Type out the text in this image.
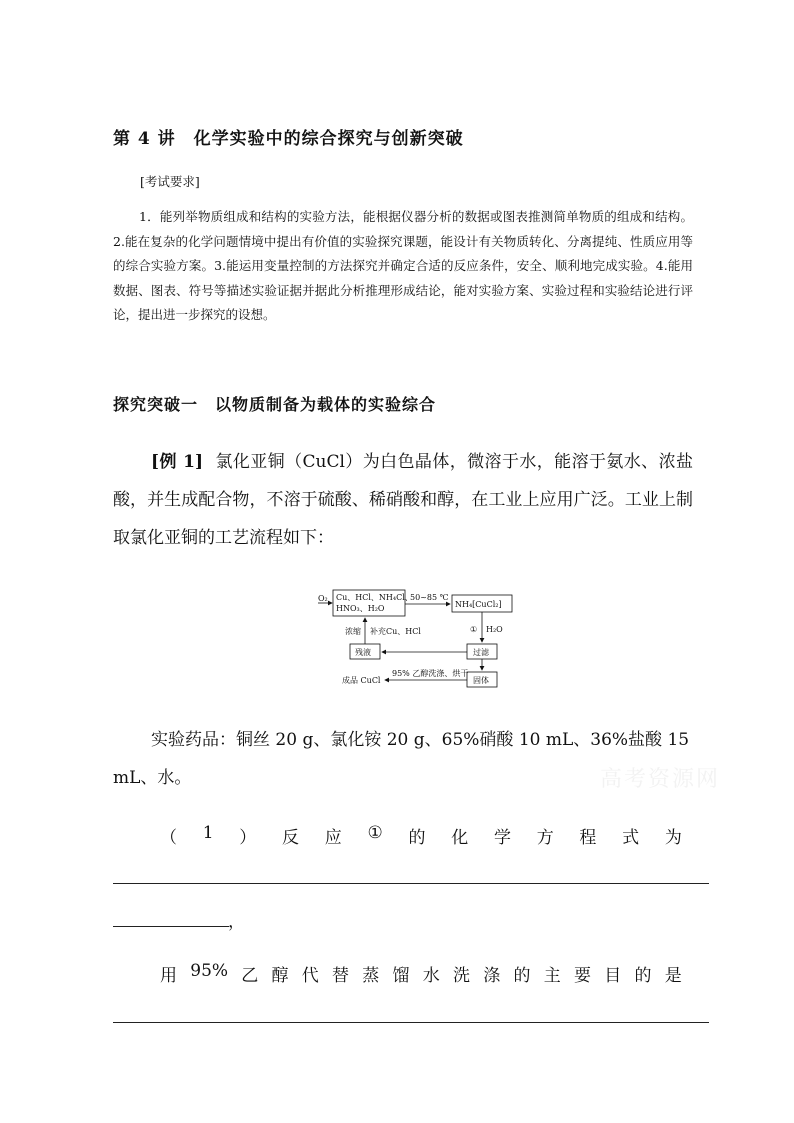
第 4 讲　化学实验中的综合探究与创新突破
[考试要求]
1．能列举物质组成和结构的实验方法，能根据仪器分析的数据或图表推测简单物质的组成和结构。2.能在复杂的化学问题情境中提出有价值的实验探究课题，能设计有关物质转化、分离提纯、性质应用等的综合实验方案。3.能运用变量控制的方法探究并确定合适的反应条件，安全、顺利地完成实验。4.能用数据、图表、符号等描述实验证据并据此分析推理形成结论，能对实验方案、实验过程和实验结论进行评论，提出进一步探究的设想。
探究突破一　以物质制备为载体的实验综合
[例 1] 氯化亚铜（CuCl）为白色晶体，微溶于水，能溶于氨水、浓盐酸，并生成配合物，不溶于硫酸、稀硝酸和醇，在工业上应用广泛。工业上制取氯化亚铜的工艺流程如下：
O₂ Cu、HCl、NH₄Cl、
HNO₃、H₂O
50~85 ℃
NH₄[CuCl₂]
① H₂O
过滤
残液
浓缩 补充Cu、HCl
固体
95% 乙醇洗涤、烘干
成品 CuCl
实验药品：铜丝 20 g、氯化铵 20 g、65%硝酸 10 mL、36%盐酸 15 mL、水。	高考资源网
（ 1 ） 反 应 ① 的 化 学 方 程 式 为
，
用 95% 乙 醇 代 替 蒸 馏 水 洗 涤 的 主 要 目 的 是
